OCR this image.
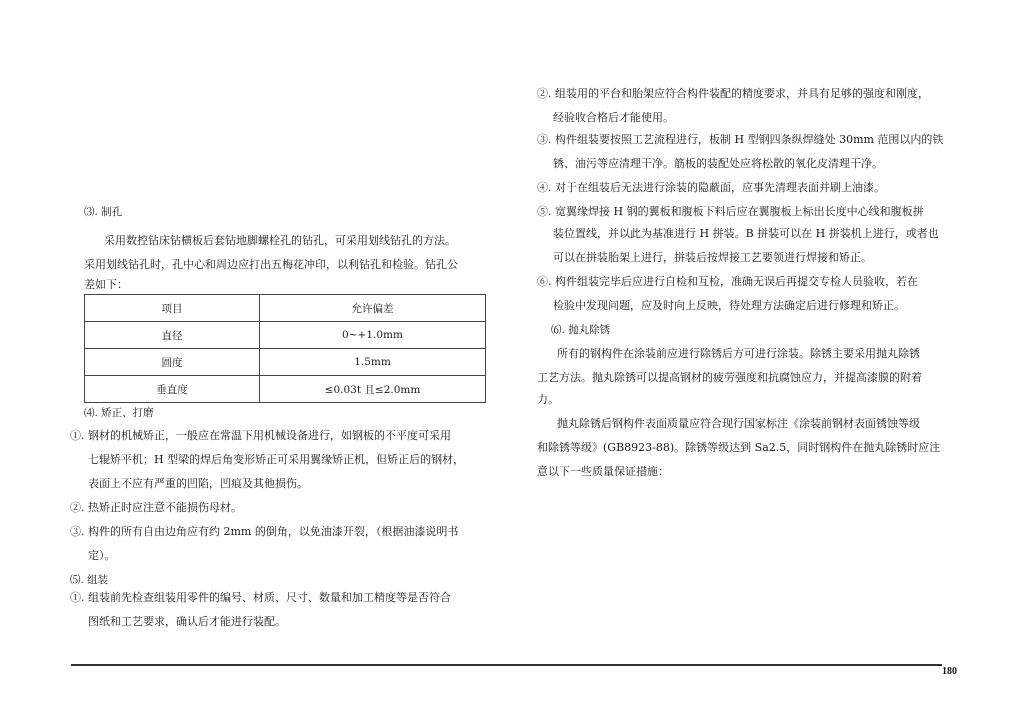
⑶. 制孔
采用数控钻床钻横板后套钻地脚螺栓孔的钻孔，可采用划线钻孔的方法。
采用划线钻孔时，孔中心和周边应打出五梅花冲印，以利钻孔和检验。钻孔公
差如下：
项目	允许偏差
直径	0~+1.0mm
圆度	1.5mm
垂直度	≤0.03t 且≤2.0mm
⑷. 矫正、打磨
①. 钢材的机械矫正，一般应在常温下用机械设备进行，如钢板的不平度可采用
七辊矫平机；H 型梁的焊后角变形矫正可采用翼缘矫正机，但矫正后的钢材，
表面上不应有严重的凹陷，凹痕及其他损伤。
②. 热矫正时应注意不能损伤母材。
③. 构件的所有自由边角应有约 2mm 的倒角，以免油漆开裂，（根据油漆说明书
定）。
⑸. 组装
①. 组装前先检查组装用零件的编号、材质、尺寸、数量和加工精度等是否符合
图纸和工艺要求，确认后才能进行装配。
②. 组装用的平台和胎架应符合构件装配的精度要求，并具有足够的强度和刚度，
经验收合格后才能使用。
③. 构件组装要按照工艺流程进行，板制 H 型钢四条纵焊缝处 30mm 范围以内的铁
锈、油污等应清理干净。筋板的装配处应将松散的氧化皮清理干净。
④. 对于在组装后无法进行涂装的隐蔽面，应事先清理表面并刷上油漆。
⑤. 宽翼缘焊接 H 钢的翼板和腹板下料后应在翼腹板上标出长度中心线和腹板拼
装位置线，并以此为基准进行 H 拼装。B 拼装可以在 H 拼装机上进行，或者也
可以在拼装胎架上进行，拼装后按焊接工艺要领进行焊接和矫正。
⑥. 构件组装完毕后应进行自检和互检，准确无误后再提交专检人员验收，若在
检验中发现问题，应及时向上反映，待处理方法确定后进行修理和矫正。
⑹. 抛丸除锈
所有的钢构件在涂装前应进行除锈后方可进行涂装。除锈主要采用抛丸除锈
工艺方法。抛丸除锈可以提高钢材的疲劳强度和抗腐蚀应力，并提高漆膜的附着
力。
抛丸除锈后钢构件表面质量应符合现行国家标注《涂装前钢材表面锈蚀等级
和除锈等级》(GB8923-88)。除锈等级达到 Sa2.5，同时钢构件在抛丸除锈时应注
意以下一些质量保证措施：
180
